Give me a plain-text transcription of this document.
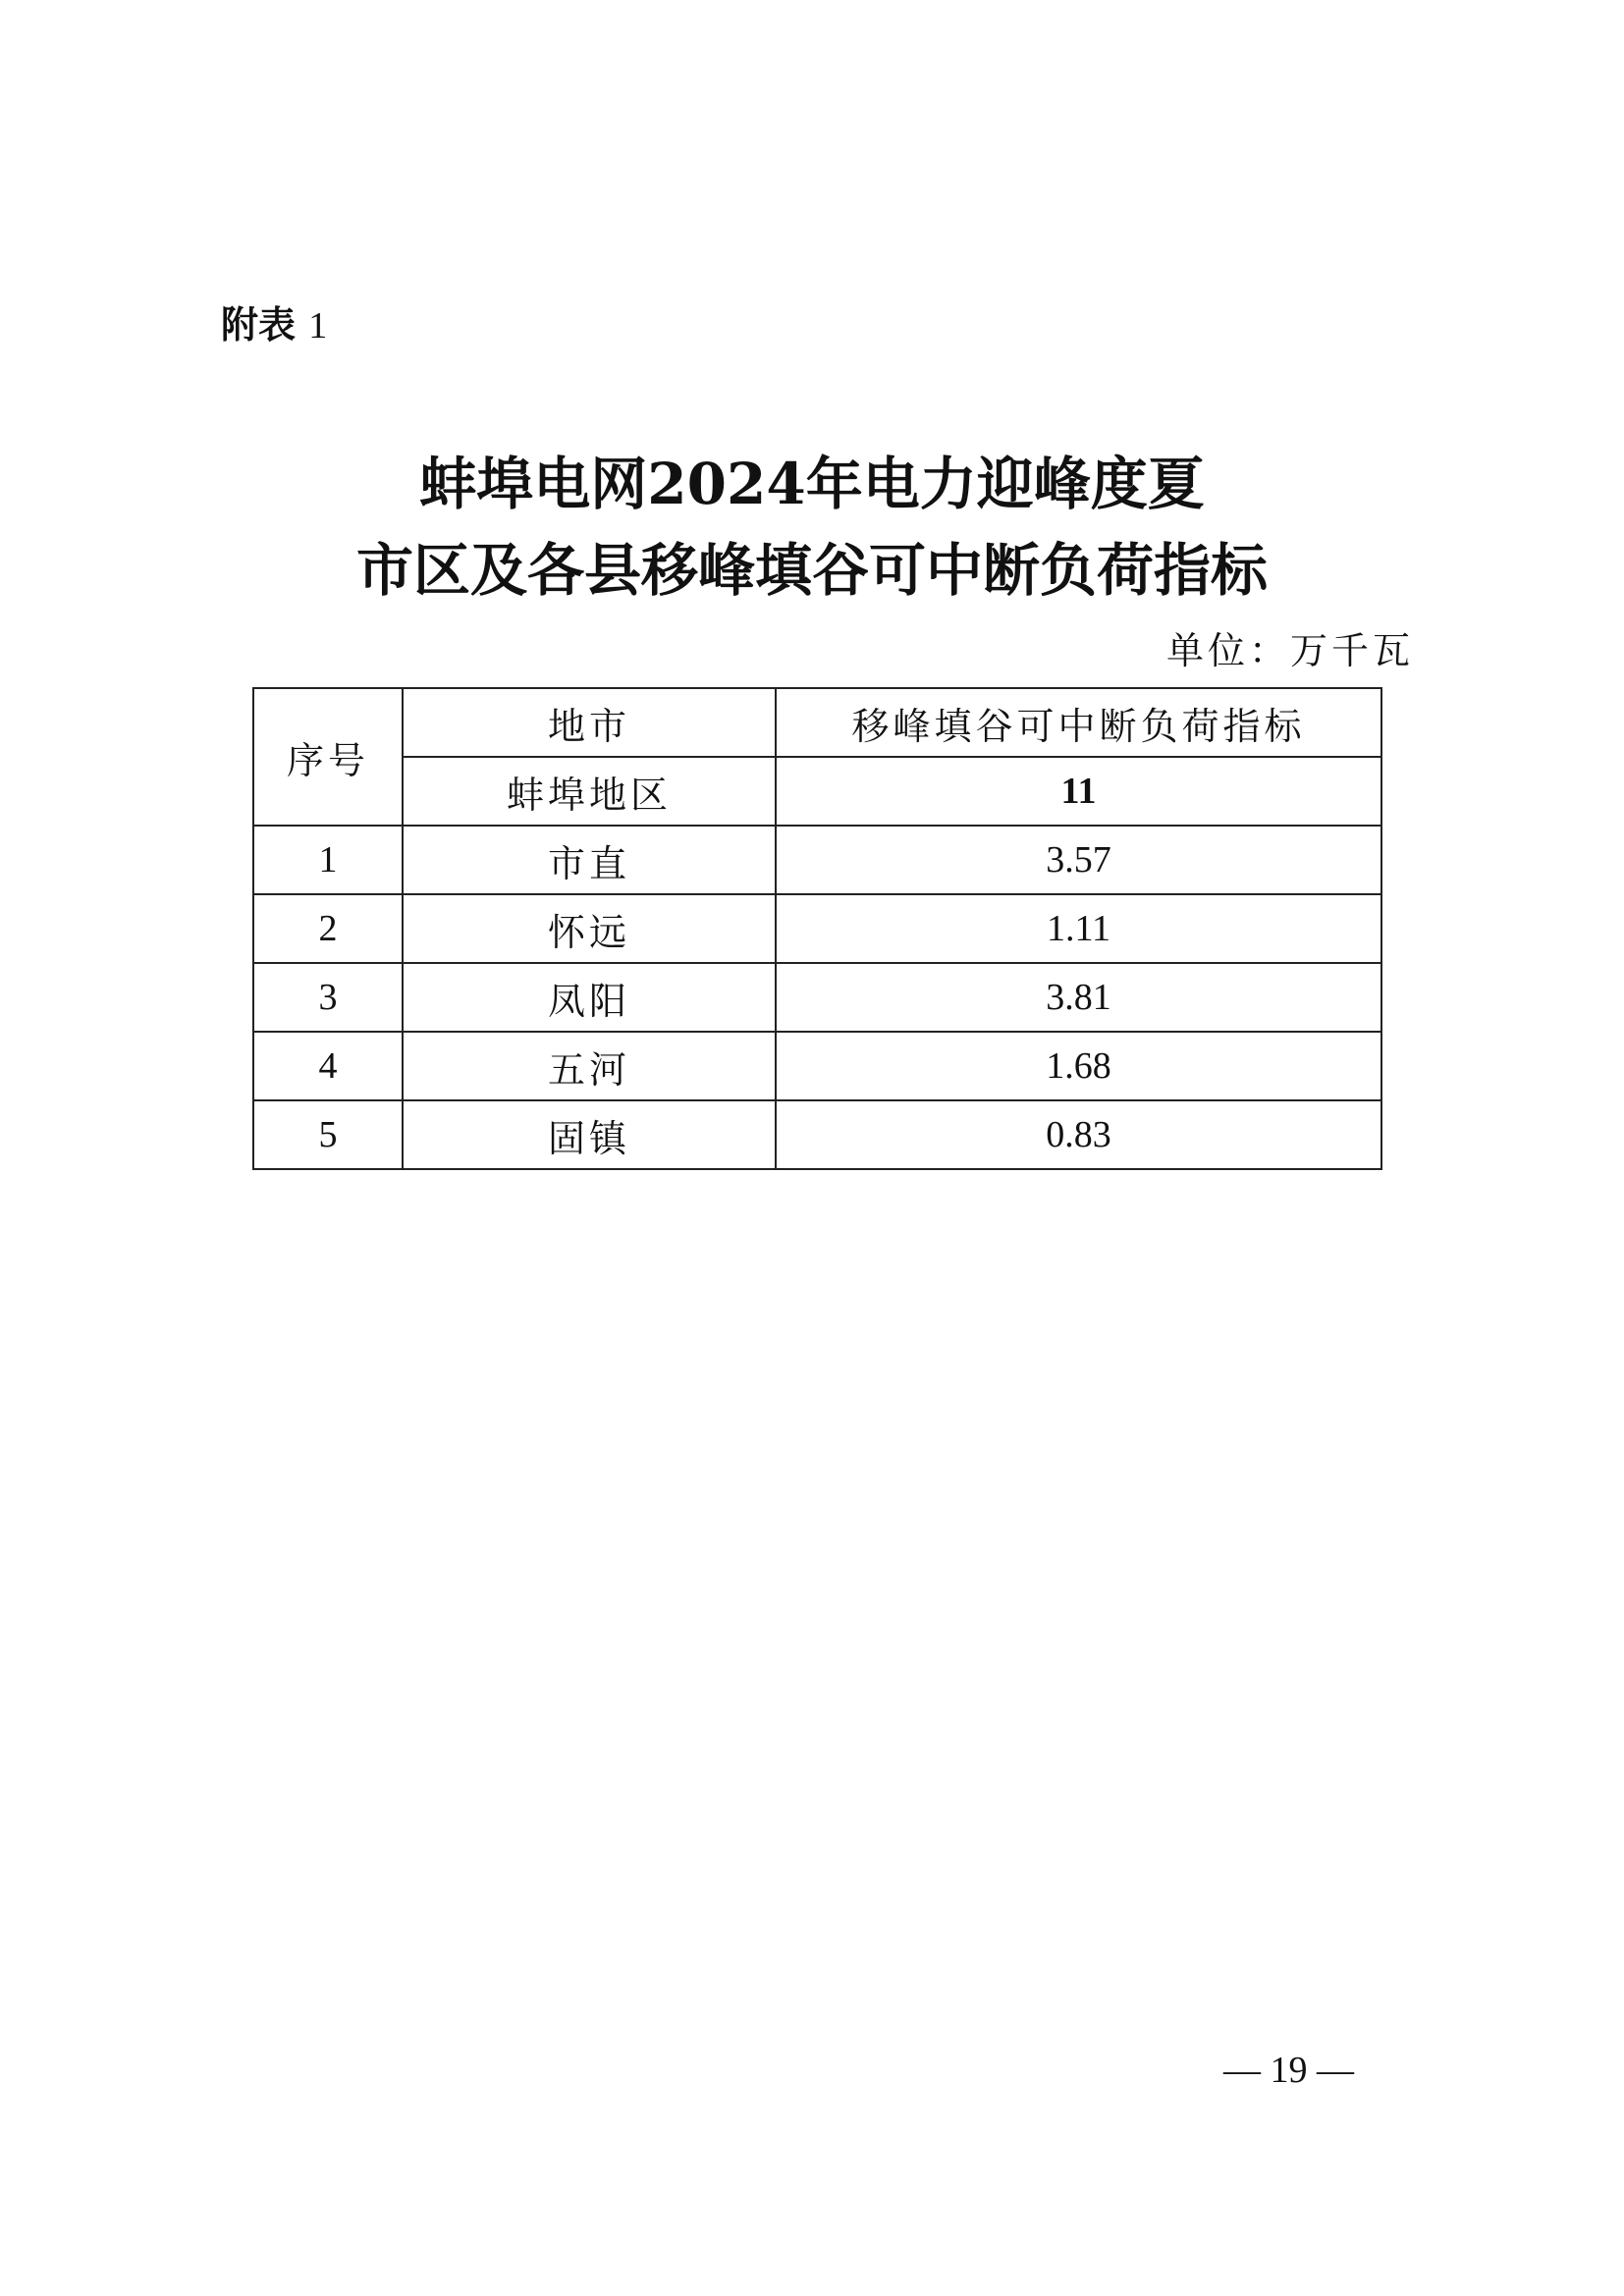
附表 1
蚌埠电网2024年电力迎峰度夏
市区及各县移峰填谷可中断负荷指标
单位：万千瓦
序号	地市	移峰填谷可中断负荷指标
	蚌埠地区	11
1	市直	3.57
2	怀远	1.11
3	凤阳	3.81
4	五河	1.68
5	固镇	0.83
— 19 —
